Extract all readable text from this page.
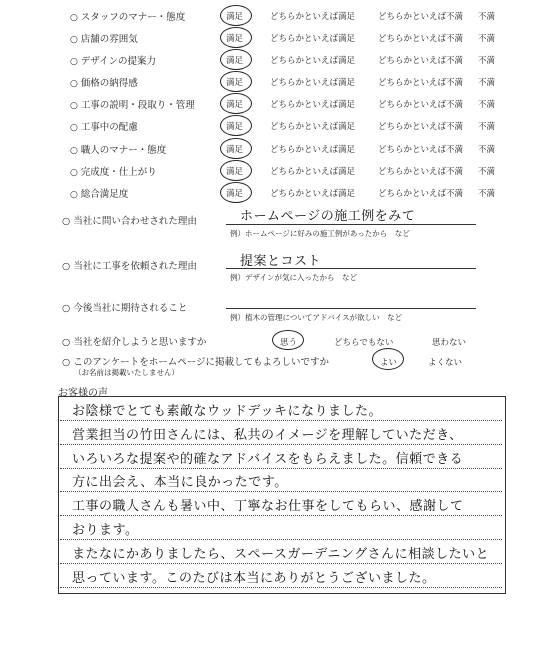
○ スタッフのマナー・態度	満足	どちらかといえば満足	どちらかといえば不満 不満
○ 店舗の雰囲気	満足	どちらかといえば満足	どちらかといえば不満 不満
○ デザインの提案力	満足	どちらかといえば満足	どちらかといえば不満 不満
○ 価格の納得感	満足	どちらかといえば満足	どちらかといえば不満 不満
○ 工事の説明・段取り・管理	満足	どちらかといえば満足	どちらかといえば不満 不満
○ 工事中の配慮	満足	どちらかといえば満足	どちらかといえば不満 不満
○ 職人のマナー・態度	満足	どちらかといえば満足	どちらかといえば不満 不満
○ 完成度・仕上がり	満足	どちらかといえば満足	どちらかといえば不満 不満
○ 総合満足度	満足	どちらかといえば満足	どちらかといえば不満 不満
○ 当社に問い合わせされた理由	ホームページの施工例をみて
例）ホームページに好みの施工例があったから　など
○ 当社に工事を依頼された理由	提案とコスト
例）デザインが気に入ったから　など
○ 今後当社に期待されること
例）植木の管理についてアドバイスが欲しい　など
○ 当社を紹介しようと思いますか	思う	どちらでもない	思わない
○ このアンケートをホームページに掲載してもよろしいですか
（お名前は掲載いたしません）
よい	よくない
お客様の声
お陰様でとても素敵なウッドデッキになりました。
営業担当の竹田さんには、私共のイメージを理解していただき、
いろいろな提案や的確なアドバイスをもらえました。信頼できる
方に出会え、本当に良かったです。
工事の職人さんも暑い中、丁寧なお仕事をしてもらい、感謝して
おります。
またなにかありましたら、スペースガーデニングさんに相談したいと
思っています。このたびは本当にありがとうございました。
